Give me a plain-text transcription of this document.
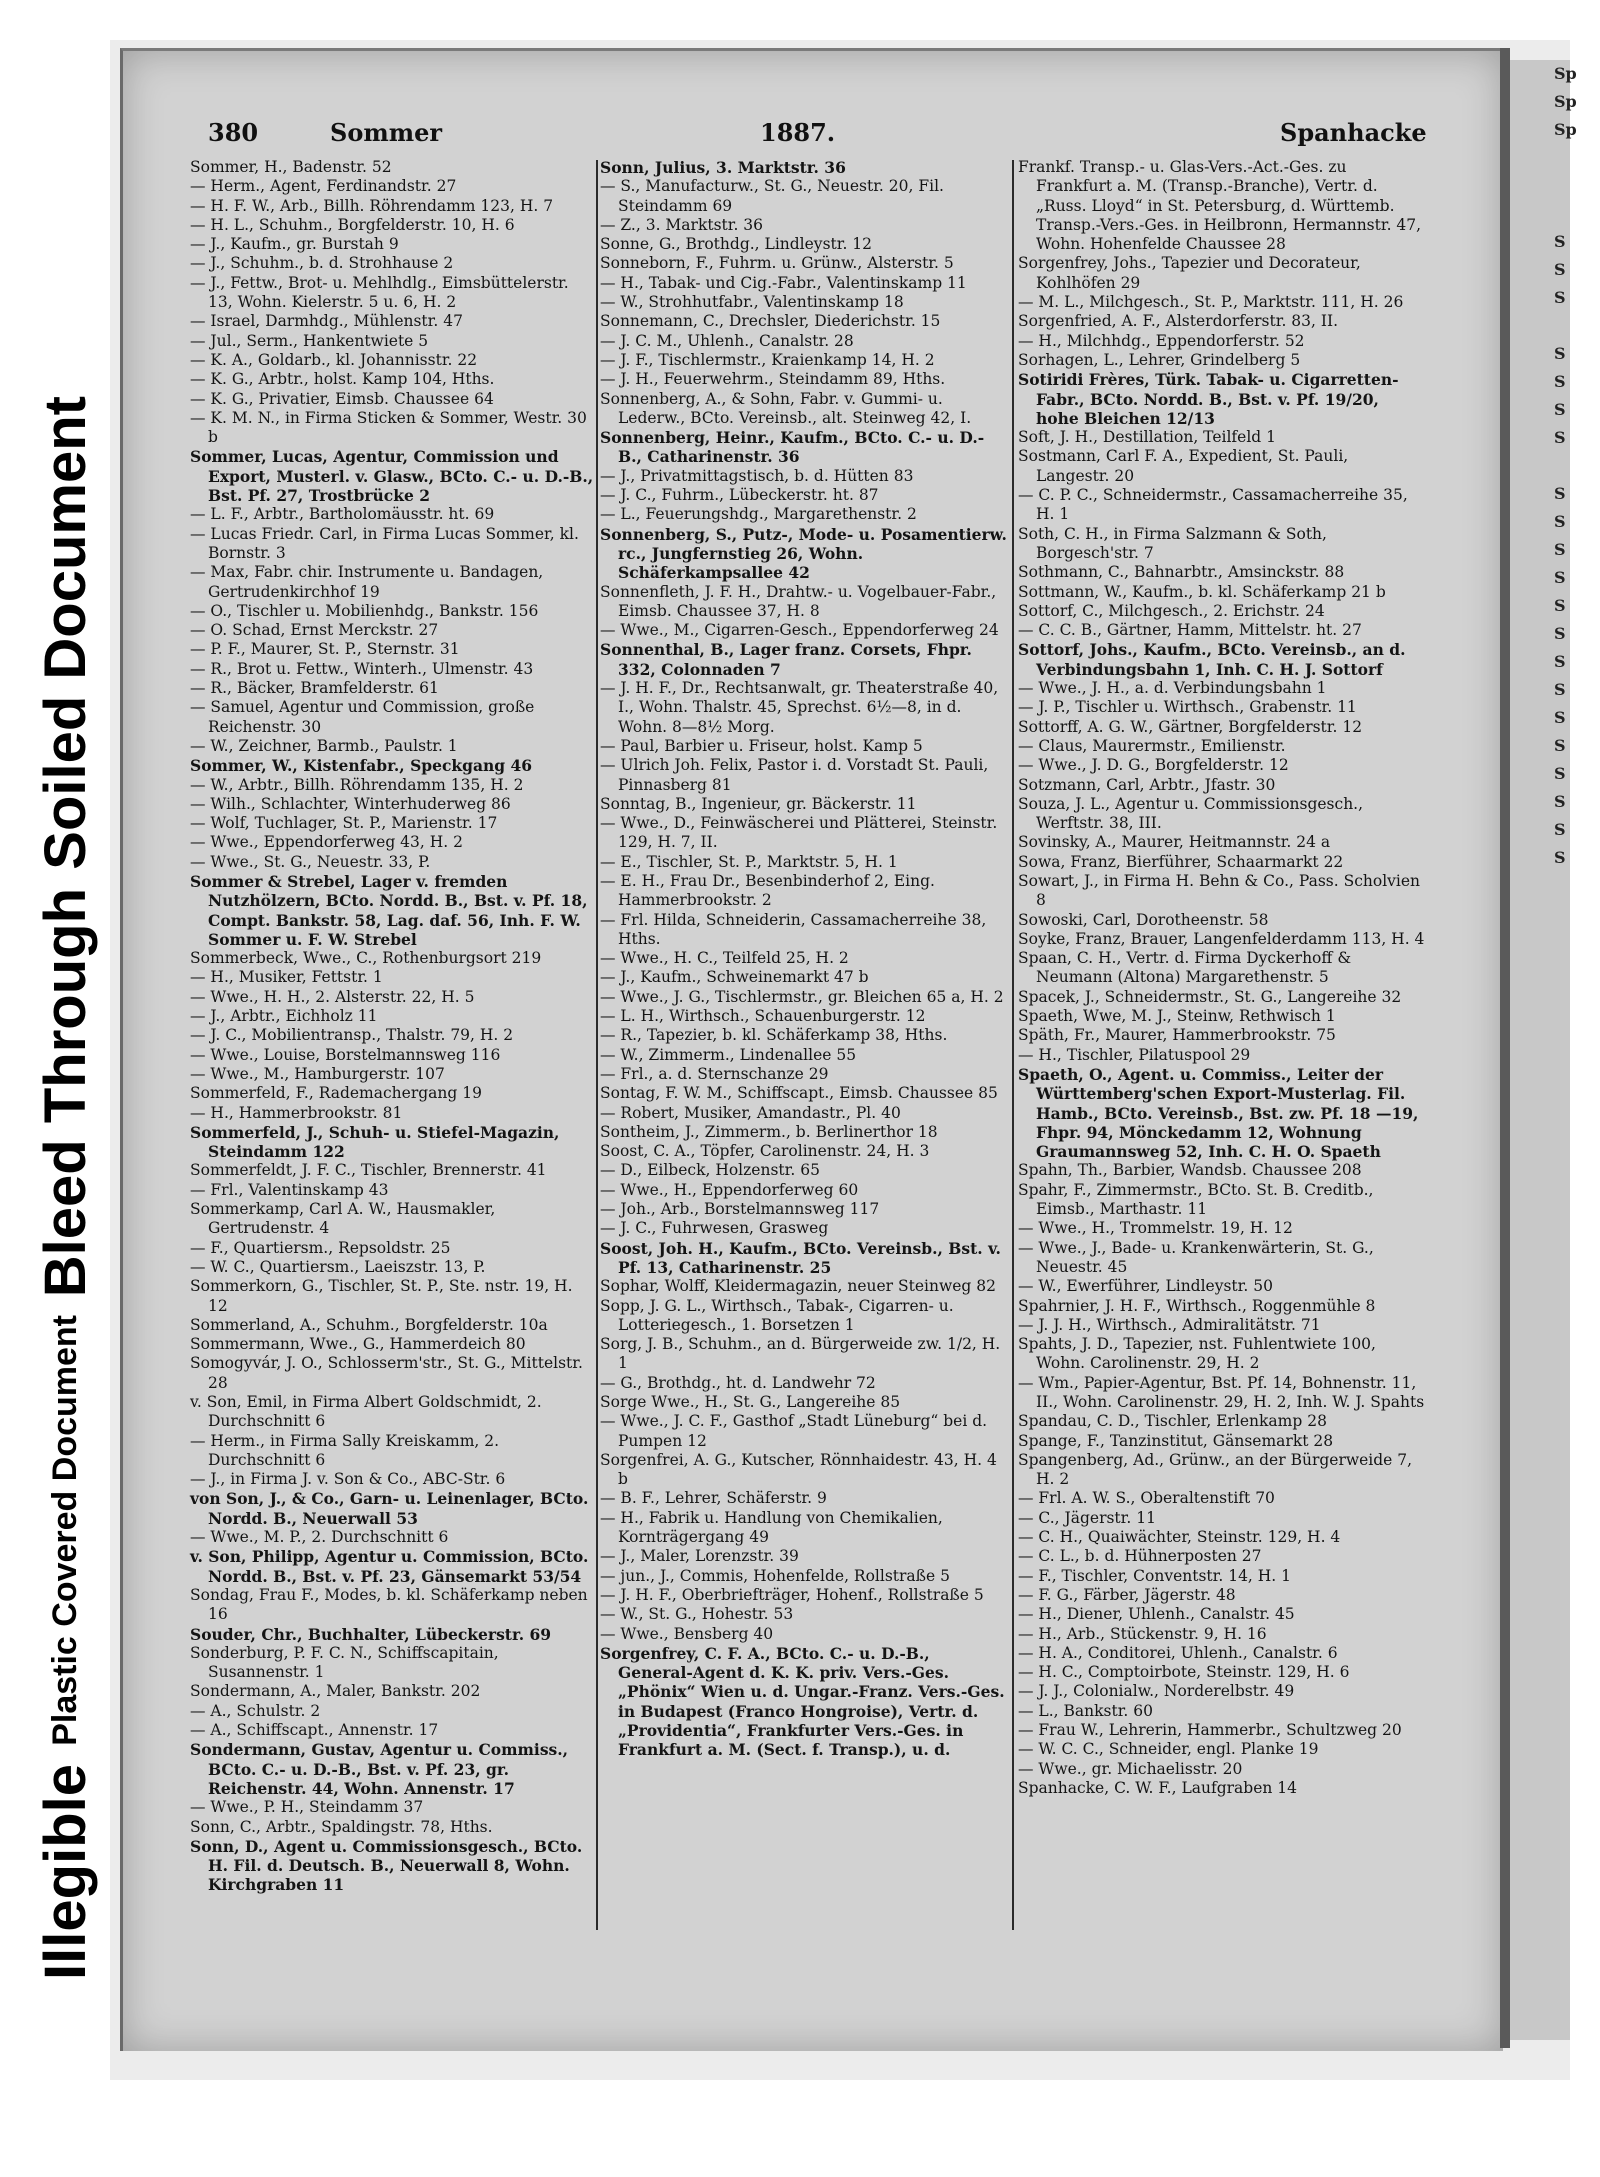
Illegible
Plastic Covered Document
Bleed Through
Soiled Document
Sp
Sp
Sp

S
S
S

S
S
S
S

S
S
S
S
S
S
S
S
S
S
S
S
S
S
380	Sommer	1887.	Spanhacke

Sommer, H., Badenstr. 52

— Herm., Agent, Ferdinandstr. 27

— H. F. W., Arb., Billh. Röhrendamm 123, H. 7

— H. L., Schuhm., Borgfelderstr. 10, H. 6

— J., Kaufm., gr. Burstah 9

— J., Schuhm., b. d. Strohhause 2

— J., Fettw., Brot- u. Mehlhdlg., Eimsbüttelerstr. 13, Wohn. Kielerstr. 5 u. 6, H. 2

— Israel, Darmhdg., Mühlenstr. 47

— Jul., Serm., Hankentwiete 5

— K. A., Goldarb., kl. Johannisstr. 22

— K. G., Arbtr., holst. Kamp 104, Hths.

— K. G., Privatier, Eimsb. Chaussee 64

— K. M. N., in Firma Sticken & Sommer, Westr. 30 b

Sommer, Lucas, Agentur, Commission und Export, Musterl. v. Glasw., BCto. C.- u. D.-B., Bst. Pf. 27, Trostbrücke 2

— L. F., Arbtr., Bartholomäusstr. ht. 69

— Lucas Friedr. Carl, in Firma Lucas Sommer, kl. Bornstr. 3

— Max, Fabr. chir. Instrumente u. Bandagen, Gertrudenkirchhof 19

— O., Tischler u. Mobilienhdg., Bankstr. 156

— O. Schad, Ernst Merckstr. 27

— P. F., Maurer, St. P., Sternstr. 31

— R., Brot u. Fettw., Winterh., Ulmenstr. 43

— R., Bäcker, Bramfelderstr. 61

— Samuel, Agentur und Commission, große Reichenstr. 30

— W., Zeichner, Barmb., Paulstr. 1

Sommer, W., Kistenfabr., Speckgang 46

— W., Arbtr., Billh. Röhrendamm 135, H. 2

— Wilh., Schlachter, Winterhuderweg 86

— Wolf, Tuchlager, St. P., Marienstr. 17

— Wwe., Eppendorferweg 43, H. 2

— Wwe., St. G., Neuestr. 33, P.

Sommer & Strebel, Lager v. fremden Nutzhölzern, BCto. Nordd. B., Bst. v. Pf. 18, Compt. Bankstr. 58, Lag. daf. 56, Inh. F. W. Sommer u. F. W. Strebel

Sommerbeck, Wwe., C., Rothenburgsort 219

— H., Musiker, Fettstr. 1

— Wwe., H. H., 2. Alsterstr. 22, H. 5

— J., Arbtr., Eichholz 11

— J. C., Mobilientransp., Thalstr. 79, H. 2

— Wwe., Louise, Borstelmannsweg 116

— Wwe., M., Hamburgerstr. 107

Sommerfeld, F., Rademachergang 19

— H., Hammerbrookstr. 81

Sommerfeld, J., Schuh- u. Stiefel-Magazin, Steindamm 122

Sommerfeldt, J. F. C., Tischler, Brennerstr. 41

— Frl., Valentinskamp 43

Sommerkamp, Carl A. W., Hausmakler, Gertrudenstr. 4

— F., Quartiersm., Repsoldstr. 25

— W. C., Quartiersm., Laeiszstr. 13, P.

Sommerkorn, G., Tischler, St. P., Ste. nstr. 19, H. 12

Sommerland, A., Schuhm., Borgfelderstr. 10a

Sommermann, Wwe., G., Hammerdeich 80

Somogyvár, J. O., Schlosserm'str., St. G., Mittelstr. 28

v. Son, Emil, in Firma Albert Goldschmidt, 2. Durchschnitt 6

— Herm., in Firma Sally Kreiskamm, 2. Durchschnitt 6

— J., in Firma J. v. Son & Co., ABC-Str. 6

von Son, J., & Co., Garn- u. Leinenlager, BCto. Nordd. B., Neuerwall 53

— Wwe., M. P., 2. Durchschnitt 6

v. Son, Philipp, Agentur u. Commission, BCto. Nordd. B., Bst. v. Pf. 23, Gänsemarkt 53/54

Sondag, Frau F., Modes, b. kl. Schäferkamp neben 16

Souder, Chr., Buchhalter, Lübeckerstr. 69

Sonderburg, P. F. C. N., Schiffscapitain, Susannenstr. 1

Sondermann, A., Maler, Bankstr. 202

— A., Schulstr. 2

— A., Schiffscapt., Annenstr. 17

Sondermann, Gustav, Agentur u. Commiss., BCto. C.- u. D.-B., Bst. v. Pf. 23, gr. Reichenstr. 44, Wohn. Annenstr. 17

— Wwe., P. H., Steindamm 37

Sonn, C., Arbtr., Spaldingstr. 78, Hths.

Sonn, D., Agent u. Commissionsgesch., BCto. H. Fil. d. Deutsch. B., Neuerwall 8, Wohn. Kirchgraben 11

Sonn, Julius, 3. Marktstr. 36

— S., Manufacturw., St. G., Neuestr. 20, Fil. Steindamm 69

— Z., 3. Marktstr. 36

Sonne, G., Brothdg., Lindleystr. 12

Sonneborn, F., Fuhrm. u. Grünw., Alsterstr. 5

— H., Tabak- und Cig.-Fabr., Valentinskamp 11

— W., Strohhutfabr., Valentinskamp 18

Sonnemann, C., Drechsler, Diederichstr. 15

— J. C. M., Uhlenh., Canalstr. 28

— J. F., Tischlermstr., Kraienkamp 14, H. 2

— J. H., Feuerwehrm., Steindamm 89, Hths.

Sonnenberg, A., & Sohn, Fabr. v. Gummi- u. Lederw., BCto. Vereinsb., alt. Steinweg 42, I.

Sonnenberg, Heinr., Kaufm., BCto. C.- u. D.-B., Catharinenstr. 36

— J., Privatmittagstisch, b. d. Hütten 83

— J. C., Fuhrm., Lübeckerstr. ht. 87

— L., Feuerungshdg., Margarethenstr. 2

Sonnenberg, S., Putz-, Mode- u. Posamentierw. rc., Jungfernstieg 26, Wohn. Schäferkampsallee 42

Sonnenfleth, J. F. H., Drahtw.- u. Vogelbauer-Fabr., Eimsb. Chaussee 37, H. 8

— Wwe., M., Cigarren-Gesch., Eppendorferweg 24

Sonnenthal, B., Lager franz. Corsets, Fhpr. 332, Colonnaden 7

— J. H. F., Dr., Rechtsanwalt, gr. Theaterstraße 40, I., Wohn. Thalstr. 45, Sprechst. 6½—8, in d. Wohn. 8—8½ Morg.

— Paul, Barbier u. Friseur, holst. Kamp 5

— Ulrich Joh. Felix, Pastor i. d. Vorstadt St. Pauli, Pinnasberg 81

Sonntag, B., Ingenieur, gr. Bäckerstr. 11

— Wwe., D., Feinwäscherei und Plätterei, Steinstr. 129, H. 7, II.

— E., Tischler, St. P., Marktstr. 5, H. 1

— E. H., Frau Dr., Besenbinderhof 2, Eing. Hammerbrookstr. 2

— Frl. Hilda, Schneiderin, Cassamacherreihe 38, Hths.

— Wwe., H. C., Teilfeld 25, H. 2

— J., Kaufm., Schweinemarkt 47 b

— Wwe., J. G., Tischlermstr., gr. Bleichen 65 a, H. 2

— L. H., Wirthsch., Schauenburgerstr. 12

— R., Tapezier, b. kl. Schäferkamp 38, Hths.

— W., Zimmerm., Lindenallee 55

— Frl., a. d. Sternschanze 29

Sontag, F. W. M., Schiffscapt., Eimsb. Chaussee 85

— Robert, Musiker, Amandastr., Pl. 40

Sontheim, J., Zimmerm., b. Berlinerthor 18

Soost, C. A., Töpfer, Carolinenstr. 24, H. 3

— D., Eilbeck, Holzenstr. 65

— Wwe., H., Eppendorferweg 60

— Joh., Arb., Borstelmannsweg 117

— J. C., Fuhrwesen, Grasweg

Soost, Joh. H., Kaufm., BCto. Vereinsb., Bst. v. Pf. 13, Catharinenstr. 25

Sophar, Wolff, Kleidermagazin, neuer Steinweg 82

Sopp, J. G. L., Wirthsch., Tabak-, Cigarren- u. Lotteriegesch., 1. Borsetzen 1

Sorg, J. B., Schuhm., an d. Bürgerweide zw. 1/2, H. 1

— G., Brothdg., ht. d. Landwehr 72

Sorge Wwe., H., St. G., Langereihe 85

— Wwe., J. C. F., Gasthof „Stadt Lüneburg“ bei d. Pumpen 12

Sorgenfrei, A. G., Kutscher, Rönnhaidestr. 43, H. 4 b

— B. F., Lehrer, Schäferstr. 9

— H., Fabrik u. Handlung von Chemikalien, Kornträgergang 49

— J., Maler, Lorenzstr. 39

— jun., J., Commis, Hohenfelde, Rollstraße 5

— J. H. F., Oberbriefträger, Hohenf., Rollstraße 5

— W., St. G., Hohestr. 53

— Wwe., Bensberg 40

Sorgenfrey, C. F. A., BCto. C.- u. D.-B., General-Agent d. K. K. priv. Vers.-Ges. „Phönix“ Wien u. d. Ungar.-Franz. Vers.-Ges. in Budapest (Franco Hongroise), Vertr. d. „Providentia“, Frankfurter Vers.-Ges. in Frankfurt a. M. (Sect. f. Transp.), u. d.

Frankf. Transp.- u. Glas-Vers.-Act.-Ges. zu Frankfurt a. M. (Transp.-Branche), Vertr. d. „Russ. Lloyd“ in St. Petersburg, d. Württemb. Transp.-Vers.-Ges. in Heilbronn, Hermannstr. 47, Wohn. Hohenfelde Chaussee 28

Sorgenfrey, Johs., Tapezier und Decorateur, Kohlhöfen 29

— M. L., Milchgesch., St. P., Marktstr. 111, H. 26

Sorgenfried, A. F., Alsterdorferstr. 83, II.

— H., Milchhdg., Eppendorferstr. 52

Sorhagen, L., Lehrer, Grindelberg 5

Sotiridi Frères, Türk. Tabak- u. Cigarretten-Fabr., BCto. Nordd. B., Bst. v. Pf. 19/20, hohe Bleichen 12/13

Soft, J. H., Destillation, Teilfeld 1

Sostmann, Carl F. A., Expedient, St. Pauli, Langestr. 20

— C. P. C., Schneidermstr., Cassamacherreihe 35, H. 1

Soth, C. H., in Firma Salzmann & Soth, Borgesch'str. 7

Sothmann, C., Bahnarbtr., Amsinckstr. 88

Sottmann, W., Kaufm., b. kl. Schäferkamp 21 b

Sottorf, C., Milchgesch., 2. Erichstr. 24

— C. C. B., Gärtner, Hamm, Mittelstr. ht. 27

Sottorf, Johs., Kaufm., BCto. Vereinsb., an d. Verbindungsbahn 1, Inh. C. H. J. Sottorf

— Wwe., J. H., a. d. Verbindungsbahn 1

— J. P., Tischler u. Wirthsch., Grabenstr. 11

Sottorff, A. G. W., Gärtner, Borgfelderstr. 12

— Claus, Maurermstr., Emilienstr.

— Wwe., J. D. G., Borgfelderstr. 12

Sotzmann, Carl, Arbtr., Jfastr. 30

Souza, J. L., Agentur u. Commissionsgesch., Werftstr. 38, III.

Sovinsky, A., Maurer, Heitmannstr. 24 a

Sowa, Franz, Bierführer, Schaarmarkt 22

Sowart, J., in Firma H. Behn & Co., Pass. Scholvien 8

Sowoski, Carl, Dorotheenstr. 58

Soyke, Franz, Brauer, Langenfelderdamm 113, H. 4

Spaan, C. H., Vertr. d. Firma Dyckerhoff & Neumann (Altona) Margarethenstr. 5

Spacek, J., Schneidermstr., St. G., Langereihe 32

Spaeth, Wwe, M. J., Steinw, Rethwisch 1

Späth, Fr., Maurer, Hammerbrookstr. 75

— H., Tischler, Pilatuspool 29

Spaeth, O., Agent. u. Commiss., Leiter der Württemberg'schen Export-Musterlag. Fil. Hamb., BCto. Vereinsb., Bst. zw. Pf. 18 —19, Fhpr. 94, Mönckedamm 12, Wohnung Graumannsweg 52, Inh. C. H. O. Spaeth

Spahn, Th., Barbier, Wandsb. Chaussee 208

Spahr, F., Zimmermstr., BCto. St. B. Creditb., Eimsb., Marthastr. 11

— Wwe., H., Trommelstr. 19, H. 12

— Wwe., J., Bade- u. Krankenwärterin, St. G., Neuestr. 45

— W., Ewerführer, Lindleystr. 50

Spahrnier, J. H. F., Wirthsch., Roggenmühle 8

— J. J. H., Wirthsch., Admiralitätstr. 71

Spahts, J. D., Tapezier, nst. Fuhlentwiete 100, Wohn. Carolinenstr. 29, H. 2

— Wm., Papier-Agentur, Bst. Pf. 14, Bohnenstr. 11, II., Wohn. Carolinenstr. 29, H. 2, Inh. W. J. Spahts

Spandau, C. D., Tischler, Erlenkamp 28

Spange, F., Tanzinstitut, Gänsemarkt 28

Spangenberg, Ad., Grünw., an der Bürgerweide 7, H. 2

— Frl. A. W. S., Oberaltenstift 70

— C., Jägerstr. 11

— C. H., Quaiwächter, Steinstr. 129, H. 4

— C. L., b. d. Hühnerposten 27

— F., Tischler, Conventstr. 14, H. 1

— F. G., Färber, Jägerstr. 48

— H., Diener, Uhlenh., Canalstr. 45

— H., Arb., Stückenstr. 9, H. 16

— H. A., Conditorei, Uhlenh., Canalstr. 6

— H. C., Comptoirbote, Steinstr. 129, H. 6

— J. J., Colonialw., Norderelbstr. 49

— L., Bankstr. 60

— Frau W., Lehrerin, Hammerbr., Schultzweg 20

— W. C. C., Schneider, engl. Planke 19

— Wwe., gr. Michaelisstr. 20

Spanhacke, C. W. F., Laufgraben 14
